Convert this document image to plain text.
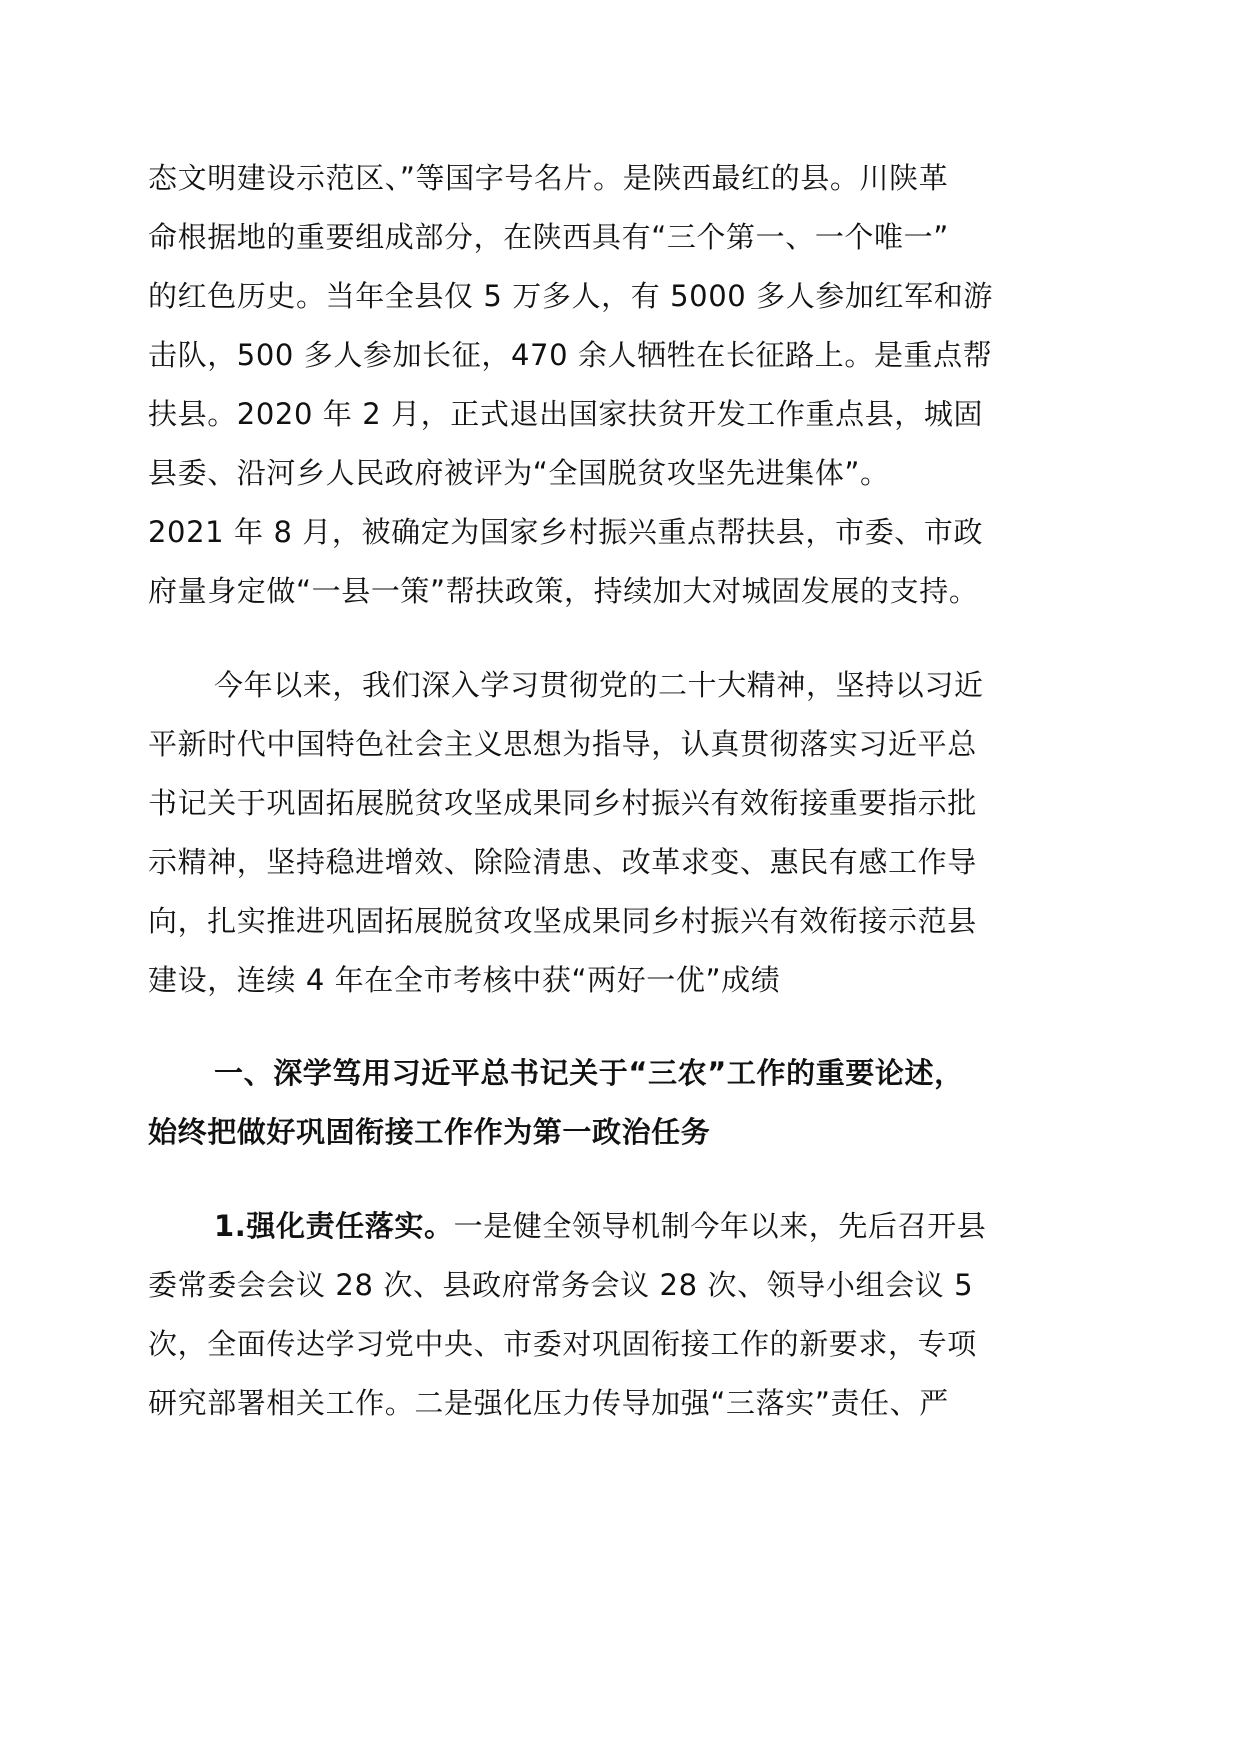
态文明建设示范区、”等国字号名片。是陕西最红的县。川陕革
命根据地的重要组成部分，在陕西具有“三个第一、一个唯一”
的红色历史。当年全县仅 5 万多人，有 5000 多人参加红军和游
击队，500 多人参加长征，470 余人牺牲在长征路上。是重点帮
扶县。2020 年 2 月，正式退出国家扶贫开发工作重点县，城固
县委、沿河乡人民政府被评为“全国脱贫攻坚先进集体”。
2021 年 8 月，被确定为国家乡村振兴重点帮扶县，市委、市政
府量身定做“一县一策”帮扶政策，持续加大对城固发展的支持。
今年以来，我们深入学习贯彻党的二十大精神，坚持以习近
平新时代中国特色社会主义思想为指导，认真贯彻落实习近平总
书记关于巩固拓展脱贫攻坚成果同乡村振兴有效衔接重要指示批
示精神，坚持稳进增效、除险清患、改革求变、惠民有感工作导
向，扎实推进巩固拓展脱贫攻坚成果同乡村振兴有效衔接示范县
建设，连续 4 年在全市考核中获“两好一优”成绩
一、深学笃用习近平总书记关于“三农”工作的重要论述，
始终把做好巩固衔接工作作为第一政治任务
1.强化责任落实。一是健全领导机制今年以来，先后召开县
委常委会会议 28 次、县政府常务会议 28 次、领导小组会议 5
次，全面传达学习党中央、市委对巩固衔接工作的新要求，专项
研究部署相关工作。二是强化压力传导加强“三落实”责任、严
